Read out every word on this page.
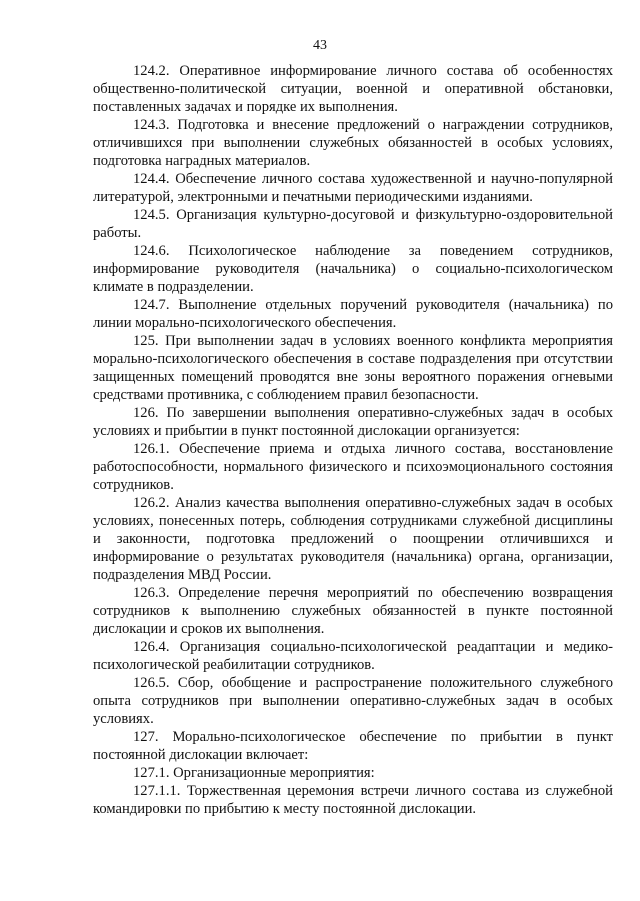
43

124.2. Оперативное информирование личного состава об особенностях общественно-политической ситуации, военной и оперативной обстановки, поставленных задачах и порядке их выполнения.

124.3. Подготовка и внесение предложений о награждении сотрудников, отличившихся при выполнении служебных обязанностей в особых условиях, подготовка наградных материалов.

124.4. Обеспечение личного состава художественной и научно-популярной литературой, электронными и печатными периодическими изданиями.

124.5. Организация культурно-досуговой и физкультурно-оздоровительной работы.

124.6. Психологическое наблюдение за поведением сотрудников, информирование руководителя (начальника) о социально-психологическом климате в подразделении.

124.7. Выполнение отдельных поручений руководителя (начальника) по линии морально-психологического обеспечения.

125. При выполнении задач в условиях военного конфликта мероприятия морально-психологического обеспечения в составе подразделения при отсутствии защищенных помещений проводятся вне зоны вероятного поражения огневыми средствами противника, с соблюдением правил безопасности.

126. По завершении выполнения оперативно-служебных задач в особых условиях и прибытии в пункт постоянной дислокации организуется:

126.1. Обеспечение приема и отдыха личного состава, восстановление работоспособности, нормального физического и психоэмоционального состояния сотрудников.

126.2. Анализ качества выполнения оперативно-служебных задач в особых условиях, понесенных потерь, соблюдения сотрудниками служебной дисциплины и законности, подготовка предложений о поощрении отличившихся и информирование о результатах руководителя (начальника) органа, организации, подразделения МВД России.

126.3. Определение перечня мероприятий по обеспечению возвращения сотрудников к выполнению служебных обязанностей в пункте постоянной дислокации и сроков их выполнения.

126.4. Организация социально-психологической реадаптации и медико-психологической реабилитации сотрудников.

126.5. Сбор, обобщение и распространение положительного служебного опыта сотрудников при выполнении оперативно-служебных задач в особых условиях.

127. Морально-психологическое обеспечение по прибытии в пункт постоянной дислокации включает:

127.1. Организационные мероприятия:

127.1.1. Торжественная церемония встречи личного состава из служебной командировки по прибытию к месту постоянной дислокации.
